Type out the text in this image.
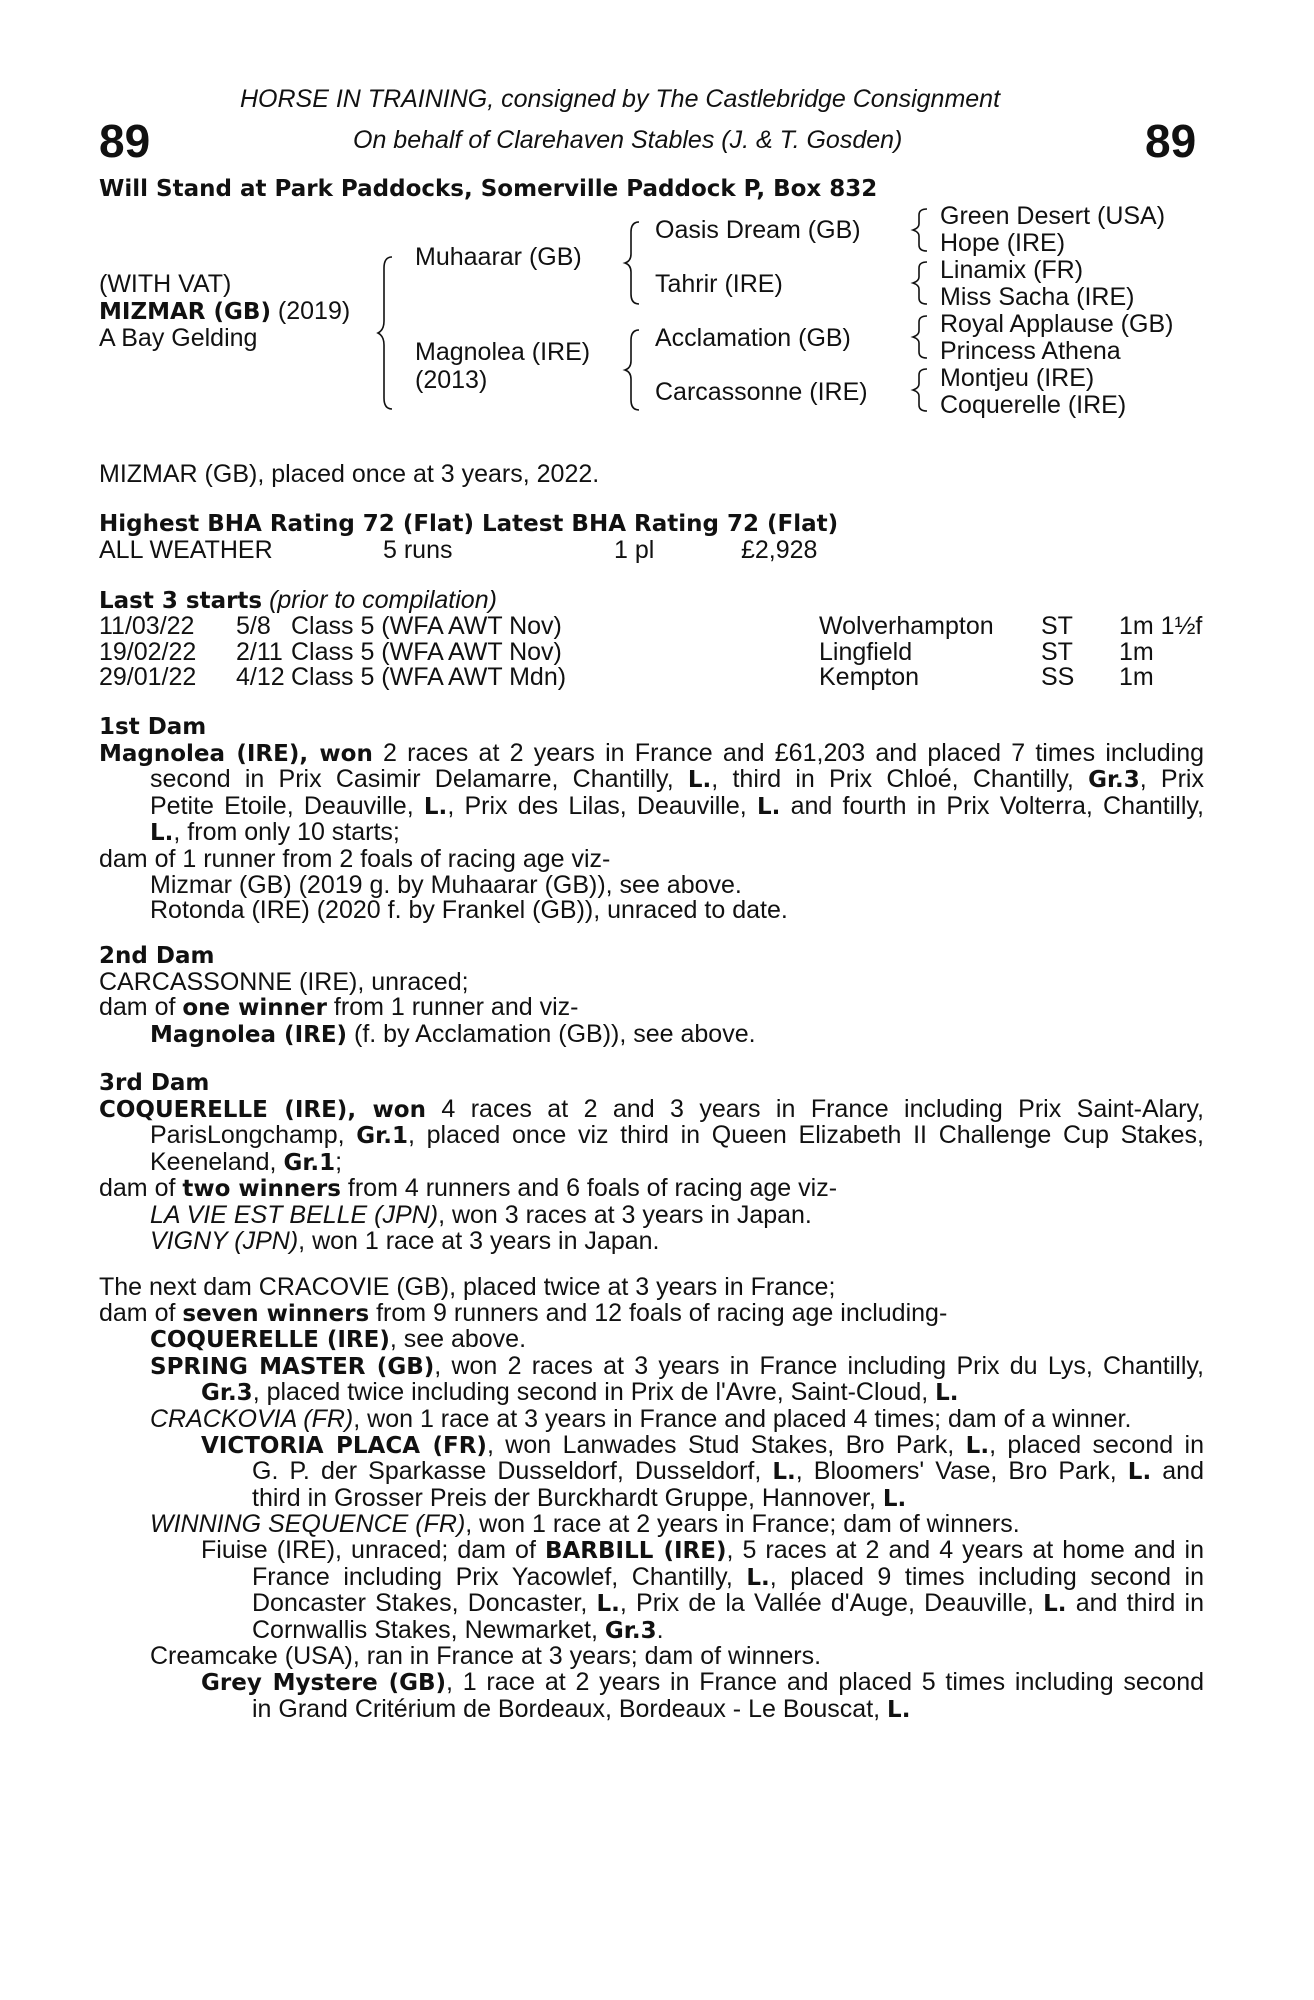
89	89
HORSE IN TRAINING, consigned by The Castlebridge Consignment
On behalf of Clarehaven Stables (J. & T. Gosden)
Will Stand at Park Paddocks, Somerville Paddock P, Box 832
(WITH VAT)
MIZMAR (GB) (2019)
A Bay Gelding
Muhaarar (GB)
Magnolea (IRE)
(2013)
Oasis Dream (GB)
Tahrir (IRE)
Acclamation (GB)
Carcassonne (IRE)
Green Desert (USA)
Hope (IRE)
Linamix (FR)
Miss Sacha (IRE)
Royal Applause (GB)
Princess Athena
Montjeu (IRE)
Coquerelle (IRE)
MIZMAR (GB), placed once at 3 years, 2022.
Highest BHA Rating 72 (Flat) Latest BHA Rating 72 (Flat)
ALL WEATHER	5 runs	1 pl	£2,928
Last 3 starts (prior to compilation)
11/03/22	5/8	Class 5 (WFA AWT Nov)	Wolverhampton	ST	1m 1½f
19/02/22	2/11	Class 5 (WFA AWT Nov)	Lingfield	ST	1m
29/01/22	4/12	Class 5 (WFA AWT Mdn)	Kempton	SS	1m
1st Dam
Magnolea (IRE), won 2 races at 2 years in France and £61,203 and placed 7 times including
second in Prix Casimir Delamarre, Chantilly, L., third in Prix Chloé, Chantilly, Gr.3, Prix
Petite Etoile, Deauville, L., Prix des Lilas, Deauville, L. and fourth in Prix Volterra, Chantilly,
L., from only 10 starts;
dam of 1 runner from 2 foals of racing age viz-
Mizmar (GB) (2019 g. by Muhaarar (GB)), see above.
Rotonda (IRE) (2020 f. by Frankel (GB)), unraced to date.
2nd Dam
CARCASSONNE (IRE), unraced;
dam of one winner from 1 runner and viz-
Magnolea (IRE) (f. by Acclamation (GB)), see above.
3rd Dam
COQUERELLE (IRE), won 4 races at 2 and 3 years in France including Prix Saint-Alary,
ParisLongchamp, Gr.1, placed once viz third in Queen Elizabeth II Challenge Cup Stakes,
Keeneland, Gr.1;
dam of two winners from 4 runners and 6 foals of racing age viz-
LA VIE EST BELLE (JPN), won 3 races at 3 years in Japan.
VIGNY (JPN), won 1 race at 3 years in Japan.
The next dam CRACOVIE (GB), placed twice at 3 years in France;
dam of seven winners from 9 runners and 12 foals of racing age including-
COQUERELLE (IRE), see above.
SPRING MASTER (GB), won 2 races at 3 years in France including Prix du Lys, Chantilly,
Gr.3, placed twice including second in Prix de l'Avre, Saint-Cloud, L.
CRACKOVIA (FR), won 1 race at 3 years in France and placed 4 times; dam of a winner.
VICTORIA PLACA (FR), won Lanwades Stud Stakes, Bro Park, L., placed second in
G. P. der Sparkasse Dusseldorf, Dusseldorf, L., Bloomers' Vase, Bro Park, L. and
third in Grosser Preis der Burckhardt Gruppe, Hannover, L.
WINNING SEQUENCE (FR), won 1 race at 2 years in France; dam of winners.
Fiuise (IRE), unraced; dam of BARBILL (IRE), 5 races at 2 and 4 years at home and in
France including Prix Yacowlef, Chantilly, L., placed 9 times including second in
Doncaster Stakes, Doncaster, L., Prix de la Vallée d'Auge, Deauville, L. and third in
Cornwallis Stakes, Newmarket, Gr.3.
Creamcake (USA), ran in France at 3 years; dam of winners.
Grey Mystere (GB), 1 race at 2 years in France and placed 5 times including second
in Grand Critérium de Bordeaux, Bordeaux - Le Bouscat, L.
